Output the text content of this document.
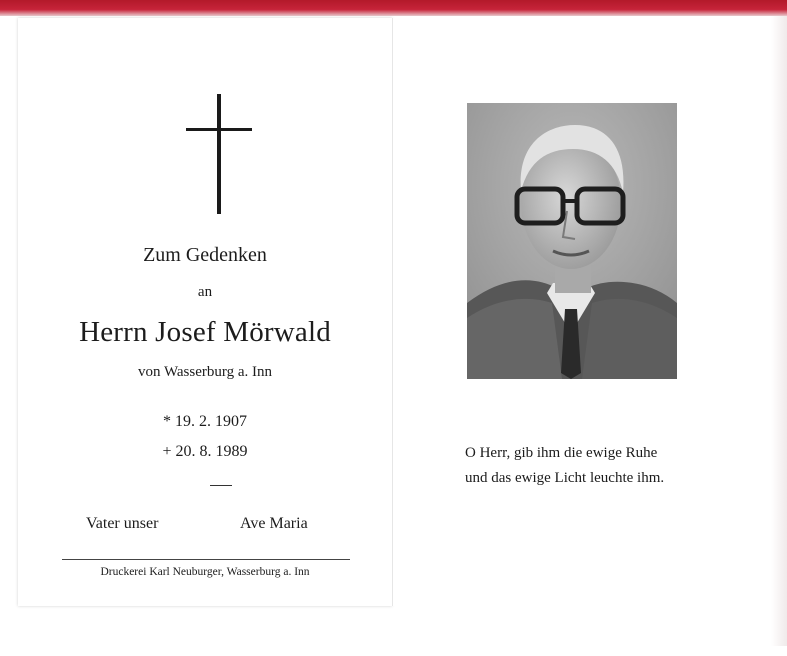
Zum Gedenken
an
Herrn Josef Mörwald
von Wasserburg a. Inn
* 19. 2. 1907
+ 20. 8. 1989
Vater unser	Ave Maria
Druckerei Karl Neuburger, Wasserburg a. Inn
O Herr, gib ihm die ewige Ruhe
und das ewige Licht leuchte ihm.
